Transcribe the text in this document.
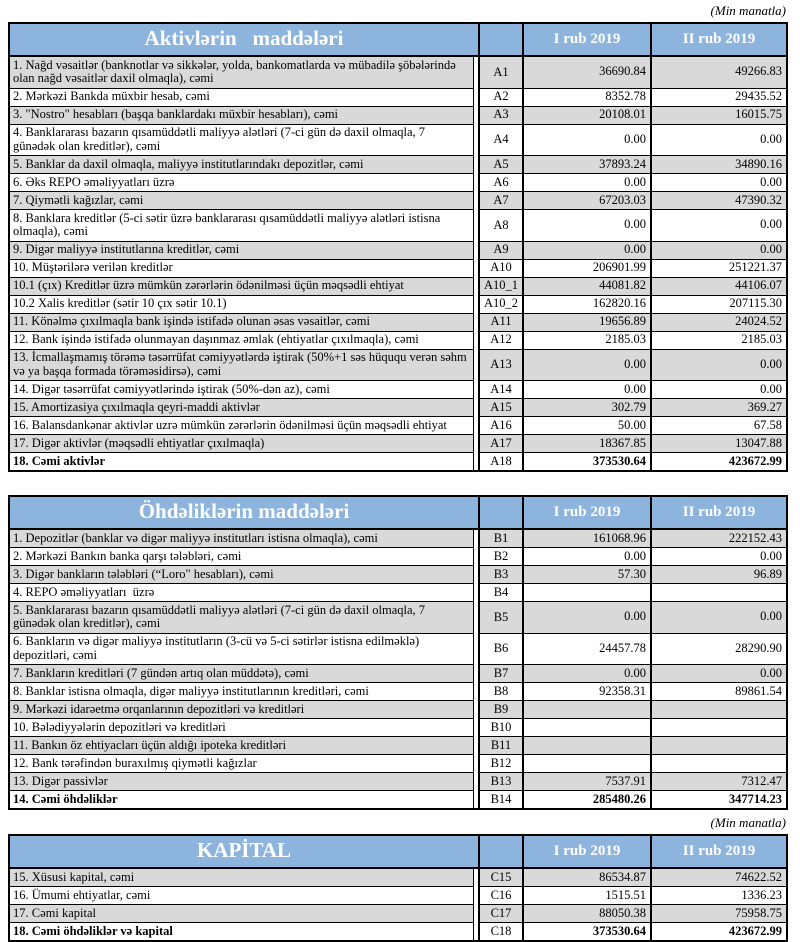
(Min manatla)
Aktivlərin   maddələri			I rub 2019	II rub 2019
1. Nağd vəsaitlər (banknotlar və sikkələr, yolda, bankomatlarda və mübadilə şöbələrində olan nağd vəsaitlər daxil olmaqla), cəmi		A1	36690.84	49266.83
2. Mərkəzi Bankda müxbir hesab, cəmi		A2	8352.78	29435.52
3. "Nostro" hesabları (başqa banklardakı müxbir hesabları), cəmi		A3	20108.01	16015.75
4. Banklararası bazarın qısamüddətli maliyyə alətləri (7-ci gün də daxil olmaqla, 7 günədək olan kreditlər), cəmi		A4	0.00	0.00
5. Banklar da daxil olmaqla, maliyyə institutlarındakı depozitlər, cəmi		A5	37893.24	34890.16
6. Əks REPO əməliyyatları üzrə		A6	0.00	0.00
7. Qiymətli kağızlar, cəmi		A7	67203.03	47390.32
8. Banklara kreditlər (5-ci sətir üzrə banklararası qısamüddətli maliyyə alətləri istisna olmaqla), cəmi		A8	0.00	0.00
9. Digər maliyyə institutlarına kreditlər, cəmi		A9	0.00	0.00
10. Müştərilərə verilən kreditlər		A10	206901.99	251221.37
10.1 (çıx) Kreditlər üzrə mümkün zərərlərin ödənilməsi üçün məqsədli ehtiyat		A10_1	44081.82	44106.07
10.2 Xalis kreditlər (sətir 10 çıx sətir 10.1)		A10_2	162820.16	207115.30
11. Könəlmə çıxılmaqla bank işində istifadə olunan əsas vəsaitlər, cəmi		A11	19656.89	24024.52
12. Bank işində istifadə olunmayan daşınmaz əmlak (ehtiyatlar çıxılmaqla), cəmi		A12	2185.03	2185.03
13. İcmallaşmamış törəmə təsərrüfat cəmiyyətlərdə iştirak (50%+1 səs hüququ verən səhm və ya başqa formada törəməsidirsə), cəmi		A13	0.00	0.00
14. Digər təsərrüfat cəmiyyətlərində iştirak (50%-dən az), cəmi		A14	0.00	0.00
15. Amortizasiya çıxılmaqla qeyri-maddi aktivlər		A15	302.79	369.27
16. Balansdankənar aktivlər uzrə mümkün zərərlərin ödənilməsi üçün məqsədli ehtiyat		A16	50.00	67.58
17. Digər aktivlər (məqsədli ehtiyatlar çıxılmaqla)		A17	18367.85	13047.88
18. Cəmi aktivlər		A18	373530.64	423672.99
Öhdəliklərin maddələri			I rub 2019	II rub 2019
1. Depozitlər (banklar və digər maliyyə institutları istisna olmaqla), cəmi		B1	161068.96	222152.43
2. Mərkəzi Bankın banka qarşı tələbləri, cəmi		B2	0.00	0.00
3. Digər bankların tələbləri (“Loro" hesabları), cəmi		B3	57.30	96.89
4. REPO əməliyyatları  üzrə		B4		
5. Banklararası bazarın qısamüddətli maliyyə alətləri (7-ci gün də daxil olmaqla, 7 günədək olan kreditlər), cəmi		B5	0.00	0.00
6. Bankların və digər maliyyə institutların (3-cü və 5-ci sətirlər istisna edilməklə) depozitləri, cəmi		B6	24457.78	28290.90
7. Bankların kreditləri (7 gündən artıq olan müddətə), cəmi		B7	0.00	0.00
8. Banklar istisna olmaqla, digər maliyyə institutlarının kreditləri, cəmi		B8	92358.31	89861.54
9. Mərkəzi idarəetmə orqanlarının depozitləri və kreditləri		B9		
10. Bələdiyyələrin depozitləri və kreditləri		B10		
11. Bankın öz ehtiyacları üçün aldığı ipoteka kreditləri		B11		
12. Bank tərəfindən buraxılmış qiymətli kağızlar		B12		
13. Digər passivlər		B13	7537.91	7312.47
14. Cəmi öhdəliklər		B14	285480.26	347714.23
(Min manatla)
KAPİTAL			I rub 2019	II rub 2019
15. Xüsusi kapital, cəmi		C15	86534.87	74622.52
16. Ümumi ehtiyatlar, cəmi		C16	1515.51	1336.23
17. Cəmi kapital		C17	88050.38	75958.75
18. Cəmi öhdəliklər və kapital		C18	373530.64	423672.99
